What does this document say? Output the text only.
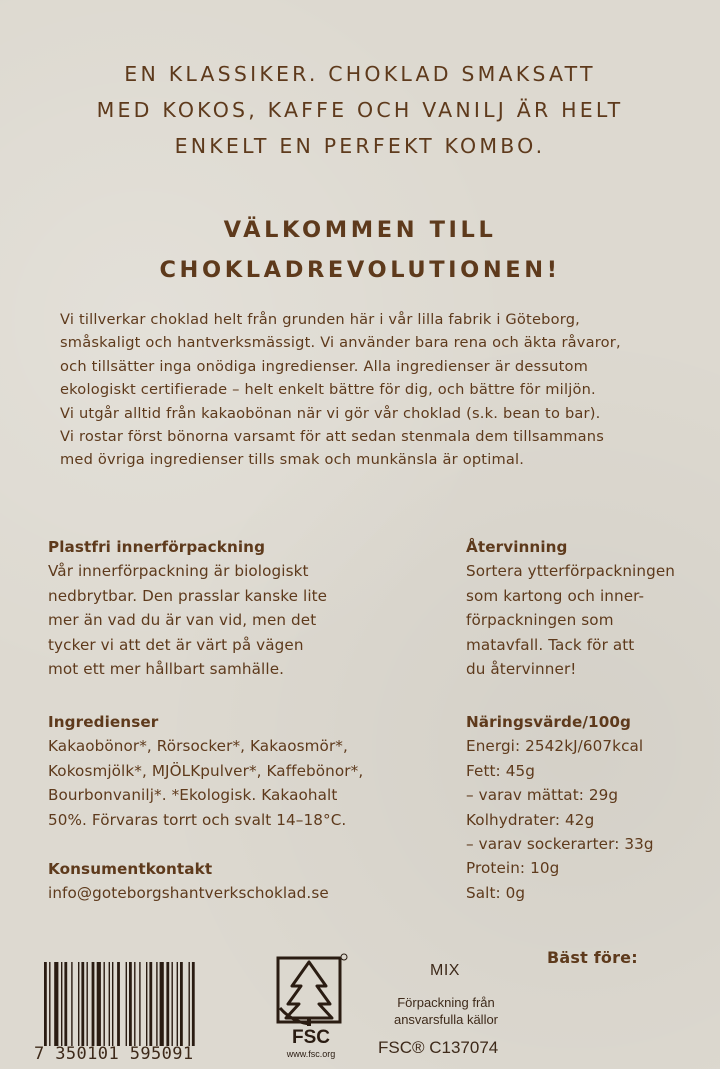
EN KLASSIKER. CHOKLAD SMAKSATT
MED KOKOS, KAFFE OCH VANILJ ÄR HELT
ENKELT EN PERFEKT KOMBO.
VÄLKOMMEN TILL
CHOKLADREVOLUTIONEN!
Vi tillverkar choklad helt från grunden här i vår lilla fabrik i Göteborg,
småskaligt och hantverksmässigt. Vi använder bara rena och äkta råvaror,
och tillsätter inga onödiga ingredienser. Alla ingredienser är dessutom
ekologiskt certifierade – helt enkelt bättre för dig, och bättre för miljön.
Vi utgår alltid från kakaobönan när vi gör vår choklad (s.k. bean to bar).
Vi rostar först bönorna varsamt för att sedan stenmala dem tillsammans
med övriga ingredienser tills smak och munkänsla är optimal.
Plastfri innerförpackning
Vår innerförpackning är biologiskt
nedbrytbar. Den prasslar kanske lite
mer än vad du är van vid, men det
tycker vi att det är värt på vägen
mot ett mer hållbart samhälle.
Återvinning
Sortera ytterförpackningen
som kartong och inner-
förpackningen som
matavfall. Tack för att
du återvinner!
Ingredienser
Kakaobönor*, Rörsocker*, Kakaosmör*,
Kokosmjölk*, MJÖLKpulver*, Kaffebönor*,
Bourbonvanilj*. *Ekologisk. Kakaohalt
50%. Förvaras torrt och svalt 14–18°C.
Näringsvärde/100g
Energi: 2542kJ/607kcal
Fett: 45g
– varav mättat: 29g
Kolhydrater: 42g
– varav sockerarter: 33g
Protein: 10g
Salt: 0g
Konsumentkontakt
info@goteborgshantverkschoklad.se
7 350101 595091
FSC
www.fsc.org
MIX
Förpackning från
ansvarsfulla källor
FSC® C137074
Bäst före:
